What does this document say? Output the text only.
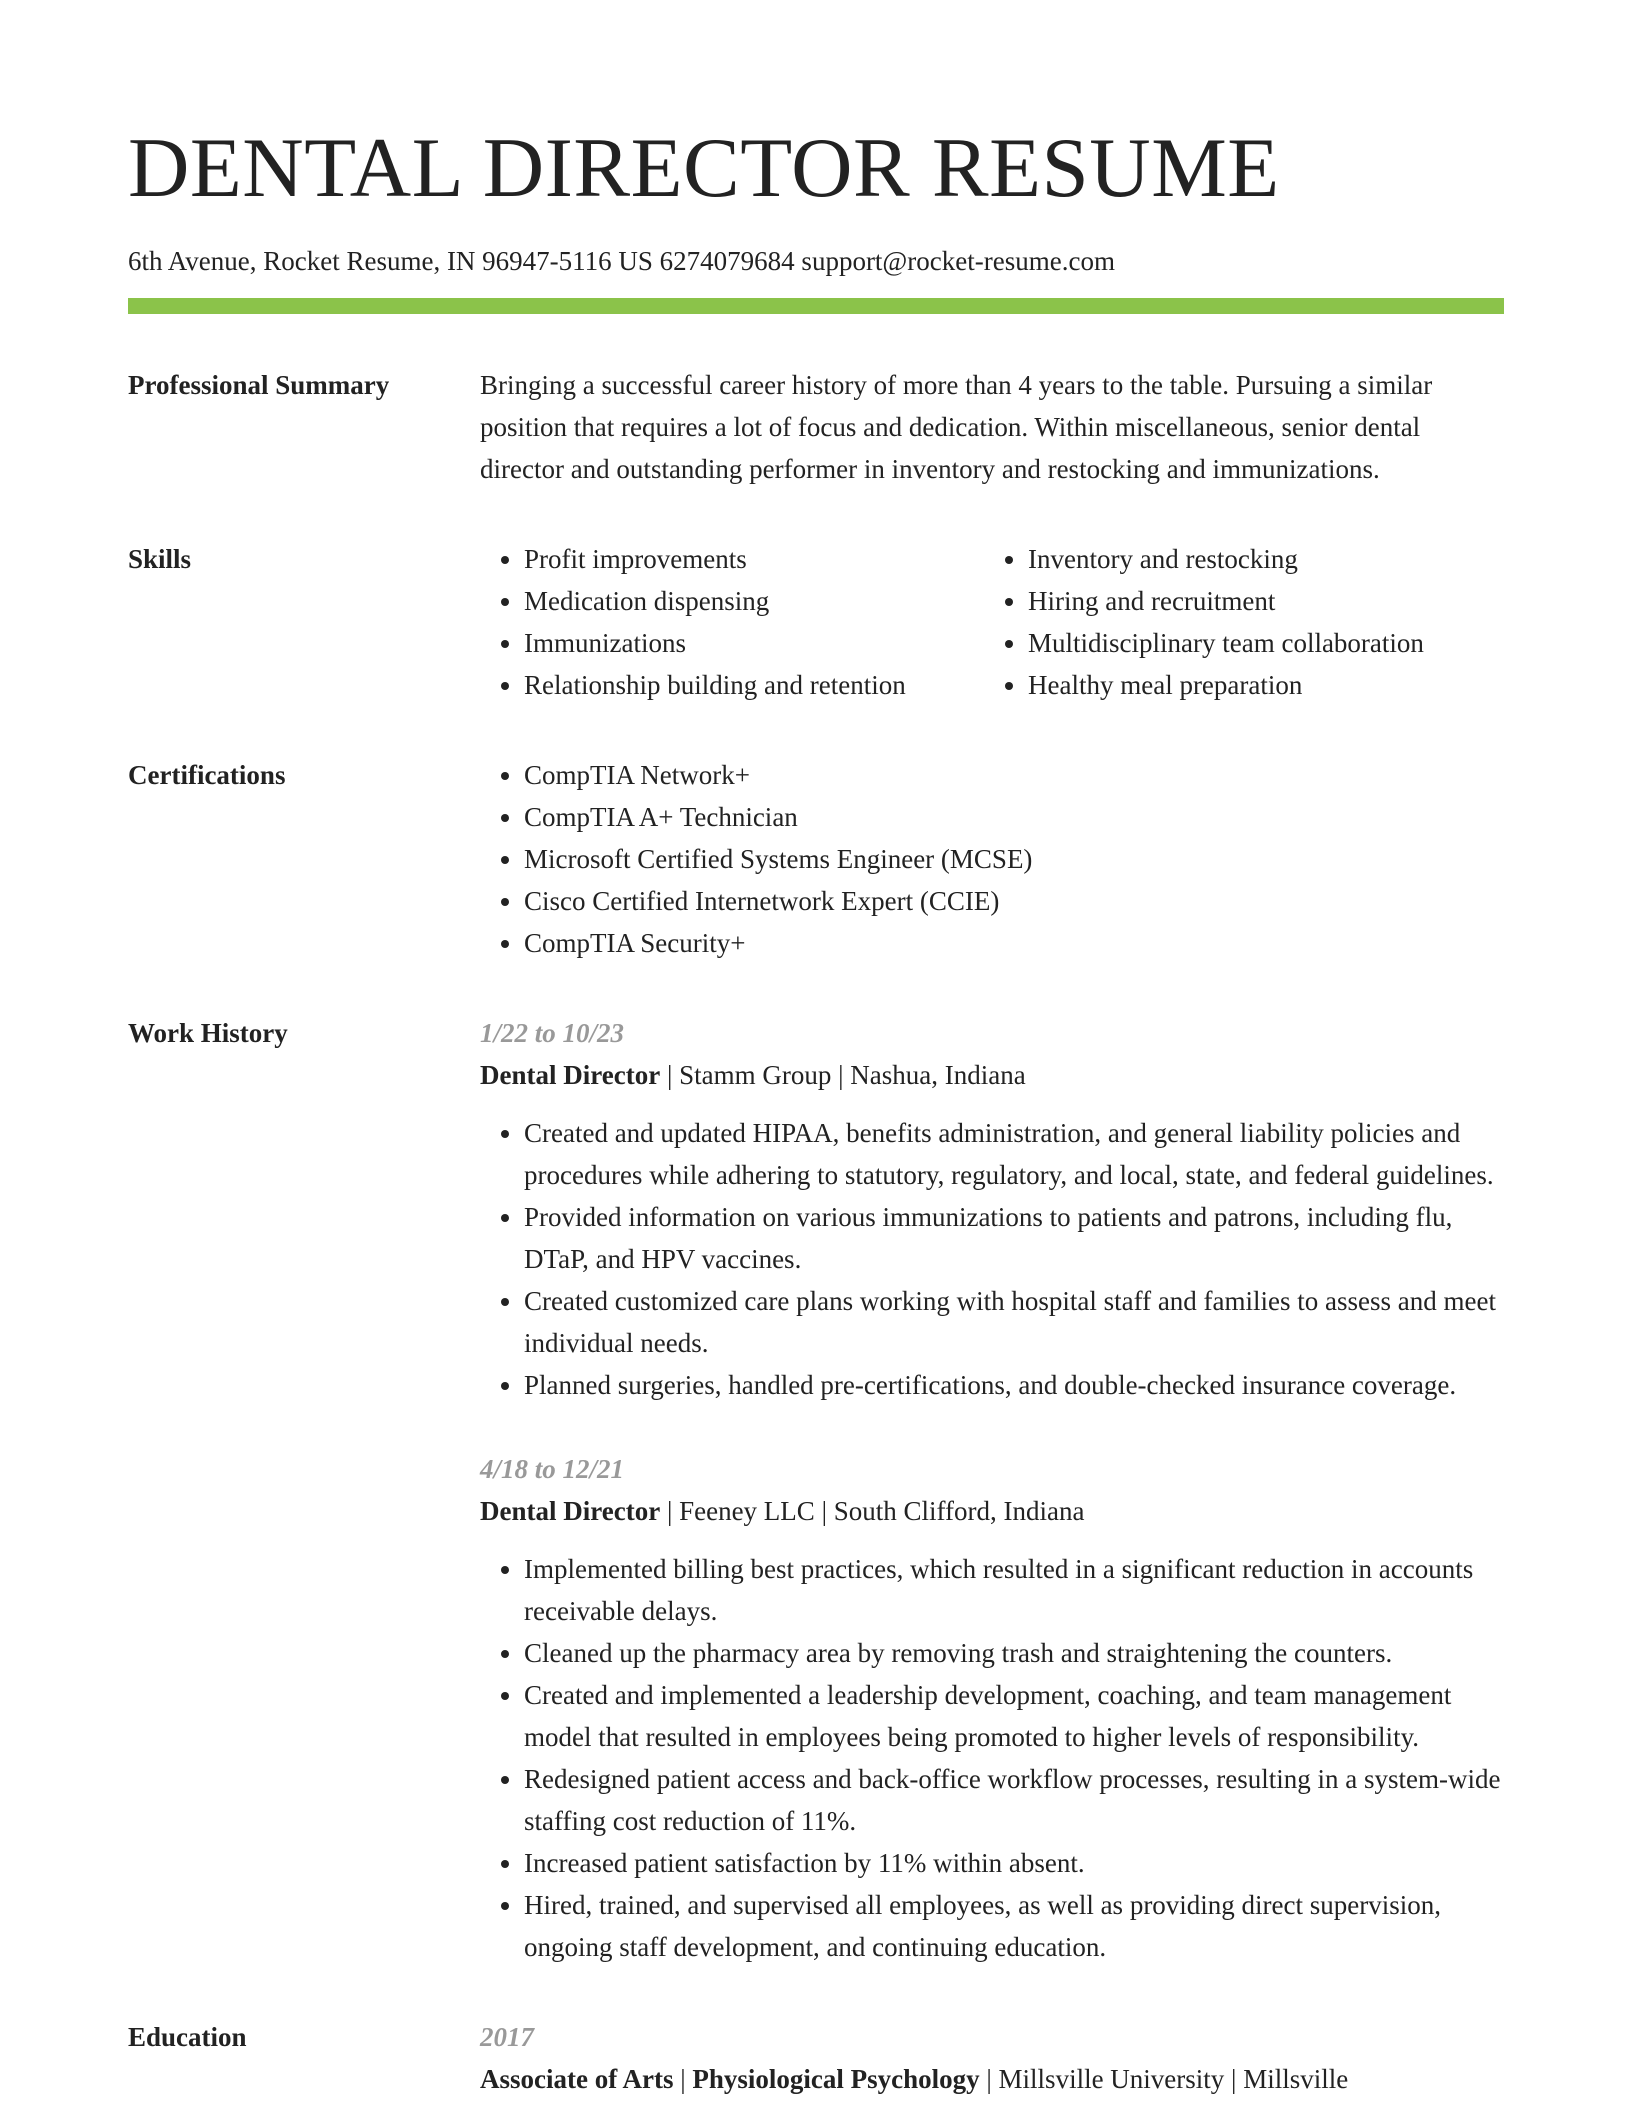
DENTAL DIRECTOR RESUME
6th Avenue, Rocket Resume, IN 96947-5116 US 6274079684 support@rocket-resume.com
Professional Summary	Bringing a successful career history of more than 4 years to the table. Pursuing a similar position that requires a lot of focus and dedication. Within miscellaneous, senior dental director and outstanding performer in inventory and restocking and immunizations.

Skills	• Profit improvements
• Medication dispensing
• Immunizations
• Relationship building and retention
• Inventory and restocking
• Hiring and recruitment
• Multidisciplinary team collaboration
• Healthy meal preparation
Certifications	• CompTIA Network+
• CompTIA A+ Technician
• Microsoft Certified Systems Engineer (MCSE)
• Cisco Certified Internetwork Expert (CCIE)
• CompTIA Security+
Work History	1/22 to 10/23
Dental Director | Stamm Group | Nashua, Indiana
• Created and updated HIPAA, benefits administration, and general liability policies and procedures while adhering to statutory, regulatory, and local, state, and federal guidelines.
• Provided information on various immunizations to patients and patrons, including flu, DTaP, and HPV vaccines.
• Created customized care plans working with hospital staff and families to assess and meet individual needs.
• Planned surgeries, handled pre-certifications, and double-checked insurance coverage.
4/18 to 12/21
Dental Director | Feeney LLC | South Clifford, Indiana
• Implemented billing best practices, which resulted in a significant reduction in accounts receivable delays.
• Cleaned up the pharmacy area by removing trash and straightening the counters.
• Created and implemented a leadership development, coaching, and team management model that resulted in employees being promoted to higher levels of responsibility.
• Redesigned patient access and back-office workflow processes, resulting in a system-wide staffing cost reduction of 11%.
• Increased patient satisfaction by 11% within absent.
• Hired, trained, and supervised all employees, as well as providing direct supervision, ongoing staff development, and continuing education.
Education	2017
Associate of Arts | Physiological Psychology | Millsville University | Millsville
